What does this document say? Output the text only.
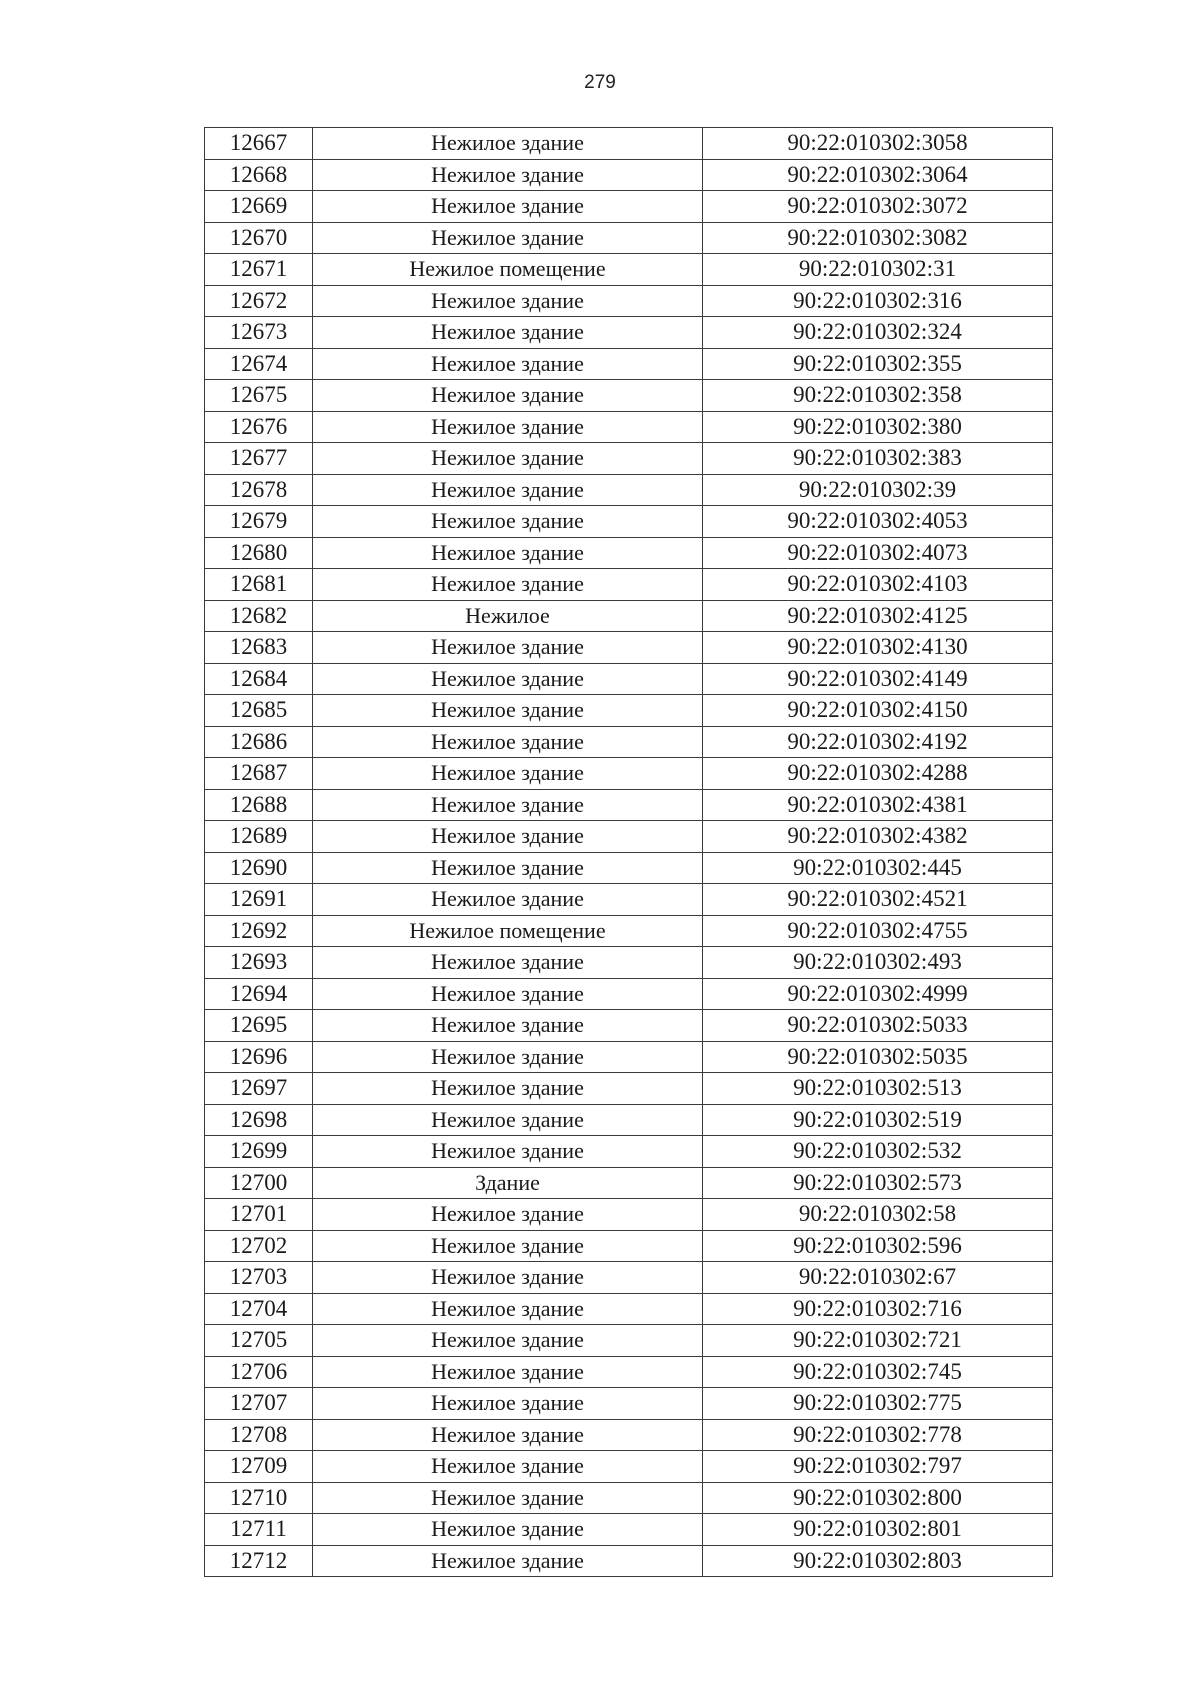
279
12667	Нежилое здание	90:22:010302:3058
12668	Нежилое здание	90:22:010302:3064
12669	Нежилое здание	90:22:010302:3072
12670	Нежилое здание	90:22:010302:3082
12671	Нежилое помещение	90:22:010302:31
12672	Нежилое здание	90:22:010302:316
12673	Нежилое здание	90:22:010302:324
12674	Нежилое здание	90:22:010302:355
12675	Нежилое здание	90:22:010302:358
12676	Нежилое здание	90:22:010302:380
12677	Нежилое здание	90:22:010302:383
12678	Нежилое здание	90:22:010302:39
12679	Нежилое здание	90:22:010302:4053
12680	Нежилое здание	90:22:010302:4073
12681	Нежилое здание	90:22:010302:4103
12682	Нежилое	90:22:010302:4125
12683	Нежилое здание	90:22:010302:4130
12684	Нежилое здание	90:22:010302:4149
12685	Нежилое здание	90:22:010302:4150
12686	Нежилое здание	90:22:010302:4192
12687	Нежилое здание	90:22:010302:4288
12688	Нежилое здание	90:22:010302:4381
12689	Нежилое здание	90:22:010302:4382
12690	Нежилое здание	90:22:010302:445
12691	Нежилое здание	90:22:010302:4521
12692	Нежилое помещение	90:22:010302:4755
12693	Нежилое здание	90:22:010302:493
12694	Нежилое здание	90:22:010302:4999
12695	Нежилое здание	90:22:010302:5033
12696	Нежилое здание	90:22:010302:5035
12697	Нежилое здание	90:22:010302:513
12698	Нежилое здание	90:22:010302:519
12699	Нежилое здание	90:22:010302:532
12700	Здание	90:22:010302:573
12701	Нежилое здание	90:22:010302:58
12702	Нежилое здание	90:22:010302:596
12703	Нежилое здание	90:22:010302:67
12704	Нежилое здание	90:22:010302:716
12705	Нежилое здание	90:22:010302:721
12706	Нежилое здание	90:22:010302:745
12707	Нежилое здание	90:22:010302:775
12708	Нежилое здание	90:22:010302:778
12709	Нежилое здание	90:22:010302:797
12710	Нежилое здание	90:22:010302:800
12711	Нежилое здание	90:22:010302:801
12712	Нежилое здание	90:22:010302:803
